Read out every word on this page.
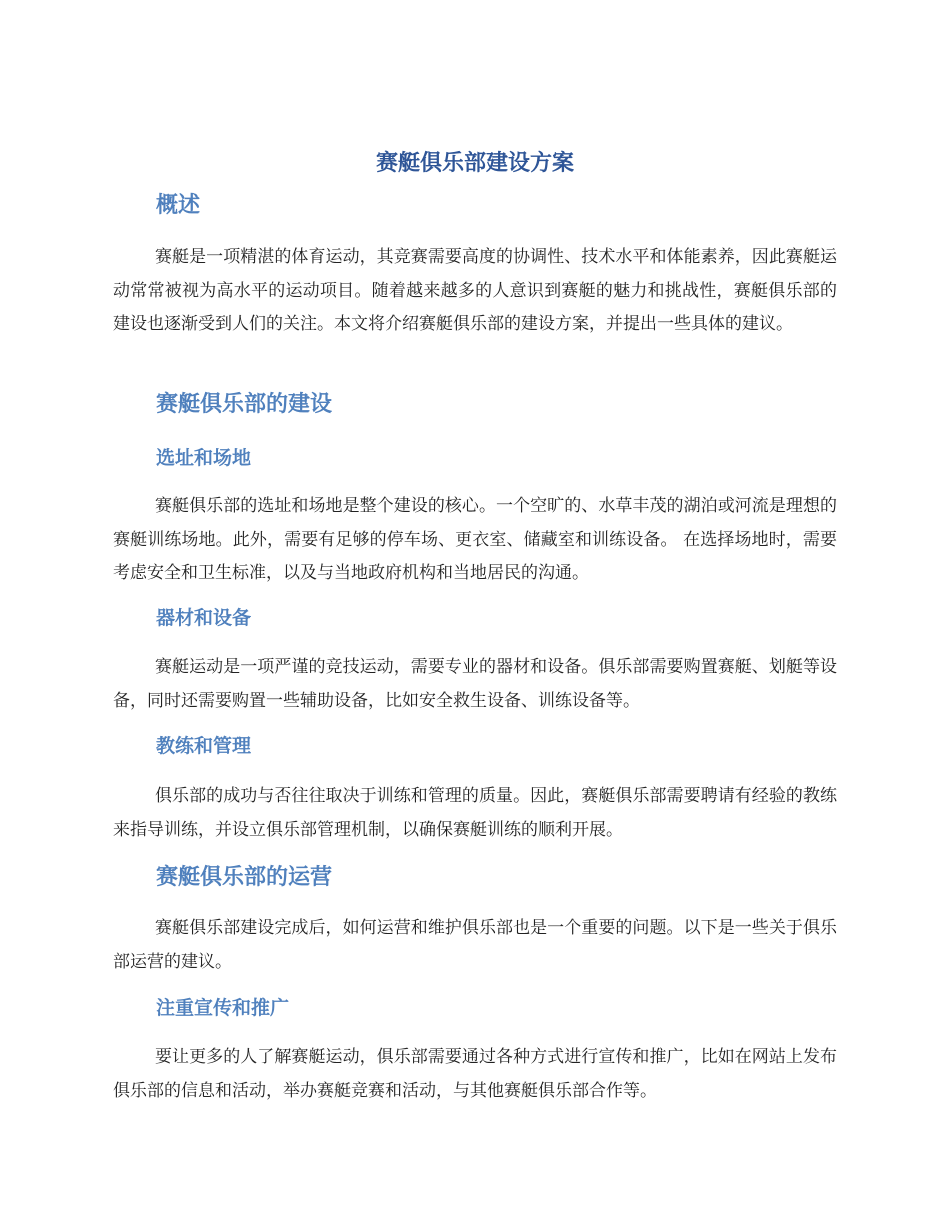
赛艇俱乐部建设方案
概述

赛艇是一项精湛的体育运动，其竞赛需要高度的协调性、技术水平和体能素养，因此赛艇运动常常被视为高水平的运动项目。随着越来越多的人意识到赛艇的魅力和挑战性，赛艇俱乐部的建设也逐渐受到人们的关注。本文将介绍赛艇俱乐部的建设方案，并提出一些具体的建议。

赛艇俱乐部的建设
选址和场地

赛艇俱乐部的选址和场地是整个建设的核心。一个空旷的、水草丰茂的湖泊或河流是理想的赛艇训练场地。此外，需要有足够的停车场、更衣室、储藏室和训练设备。 在选择场地时，需要考虑安全和卫生标准，以及与当地政府机构和当地居民的沟通。

器材和设备

赛艇运动是一项严谨的竞技运动，需要专业的器材和设备。俱乐部需要购置赛艇、划艇等设备，同时还需要购置一些辅助设备，比如安全救生设备、训练设备等。

教练和管理

俱乐部的成功与否往往取决于训练和管理的质量。因此，赛艇俱乐部需要聘请有经验的教练来指导训练，并设立俱乐部管理机制，以确保赛艇训练的顺利开展。

赛艇俱乐部的运营

赛艇俱乐部建设完成后，如何运营和维护俱乐部也是一个重要的问题。以下是一些关于俱乐部运营的建议。

注重宣传和推广

要让更多的人了解赛艇运动，俱乐部需要通过各种方式进行宣传和推广，比如在网站上发布俱乐部的信息和活动，举办赛艇竞赛和活动，与其他赛艇俱乐部合作等。
